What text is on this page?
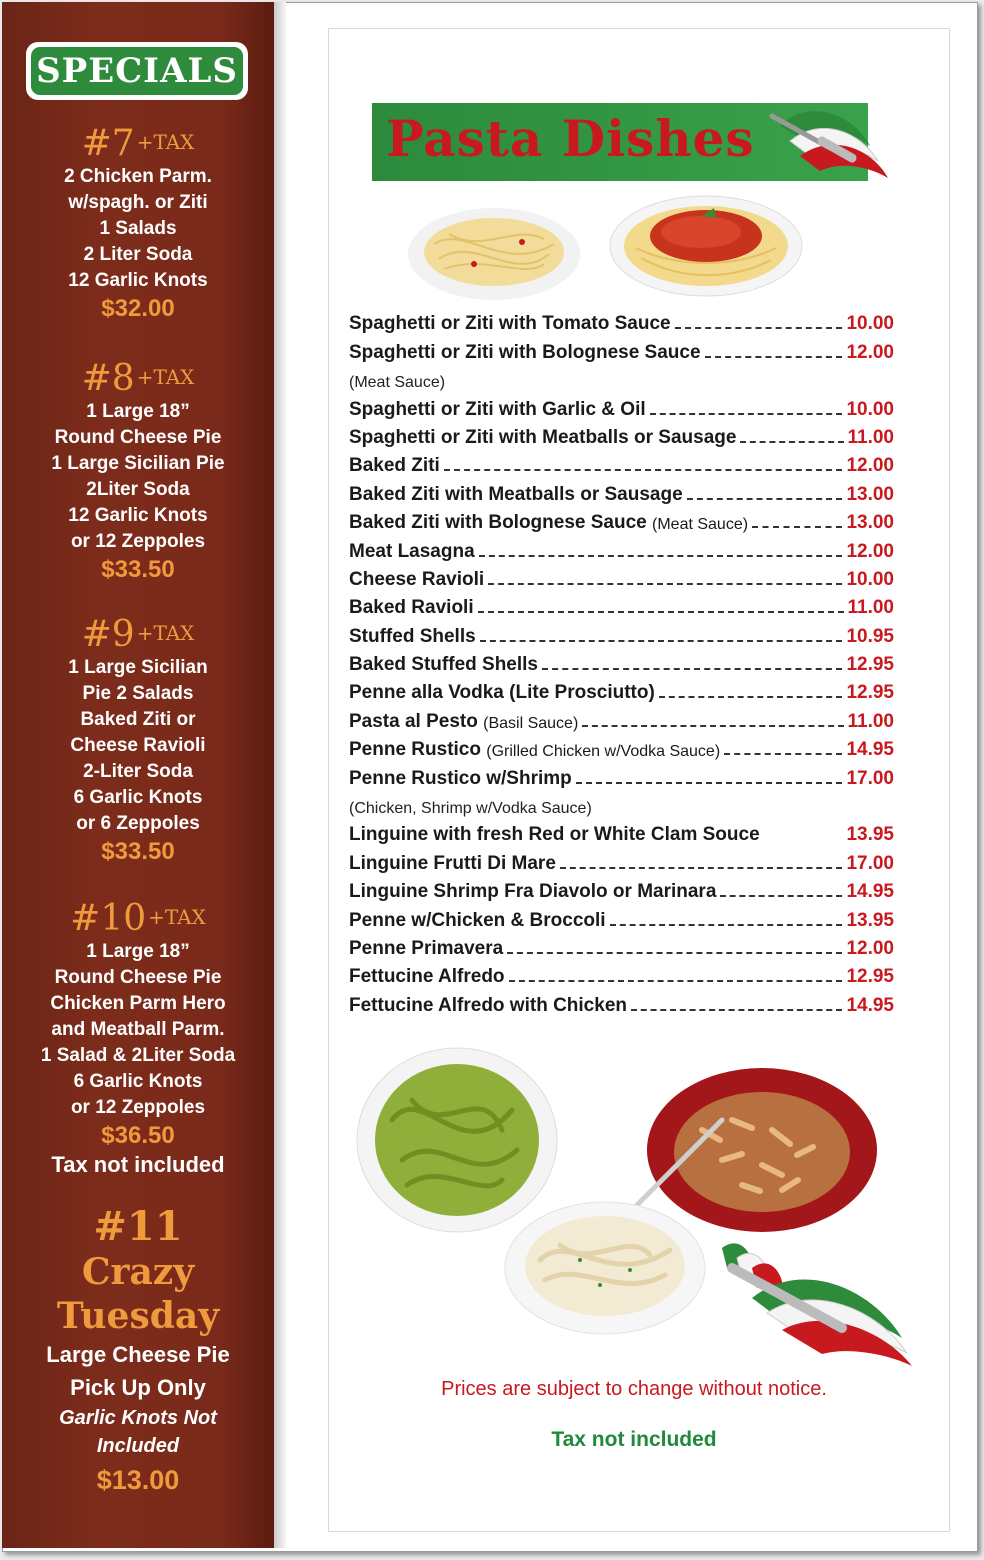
SPECIALS
#7 $^{+TAX}$
2 Chicken Parm.
w/spagh. or Ziti
1 Salads
2 Liter Soda
12 Garlic Knots
$32.00
#8 $^{+TAX}$
1 Large 18”
Round Cheese Pie
1 Large Sicilian Pie
2Liter Soda
12 Garlic Knots
or 12 Zeppoles
$33.50
#9 $^{+TAX}$
1 Large Sicilian
Pie 2 Salads
Baked Ziti or
Cheese Ravioli
2-Liter Soda
6 Garlic Knots
or 6 Zeppoles
$33.50
#10 $^{+TAX}$
1 Large 18”
Round Cheese Pie
Chicken Parm Hero
and Meatball Parm.
1 Salad & 2Liter Soda
6 Garlic Knots
or 12 Zeppoles
$36.50
Tax not included
#11
Crazy
Tuesday
Large Cheese Pie
Pick Up Only
Garlic Knots Not
Included
$13.00
Pasta Dishes
Spaghetti or Ziti with Tomato Sauce	10.00
Spaghetti or Ziti with Bolognese Sauce	12.00
(Meat Sauce)
Spaghetti or Ziti with Garlic & Oil	10.00
Spaghetti or Ziti with Meatballs or Sausage	11.00
Baked Ziti	12.00
Baked Ziti with Meatballs or Sausage	13.00
Baked Ziti with Bolognese Sauce
(Meat Sauce)	13.00
Meat Lasagna	12.00
Cheese Ravioli	10.00
Baked Ravioli	11.00
Stuffed Shells	10.95
Baked Stuffed Shells	12.95
Penne alla Vodka (Lite Prosciutto)	12.95
Pasta al Pesto
(Basil Sauce)	11.00
Penne Rustico
(Grilled Chicken w/Vodka Sauce)	14.95
Penne Rustico w/Shrimp	17.00
(Chicken, Shrimp w/Vodka Sauce)
Linguine with fresh Red or White Clam Souce	13.95
Linguine Frutti Di Mare	17.00
Linguine Shrimp Fra Diavolo or Marinara	14.95
Penne w/Chicken & Broccoli	13.95
Penne Primavera	12.00
Fettucine Alfredo	12.95
Fettucine Alfredo with Chicken	14.95
Prices are subject to change without notice.
Tax not included
